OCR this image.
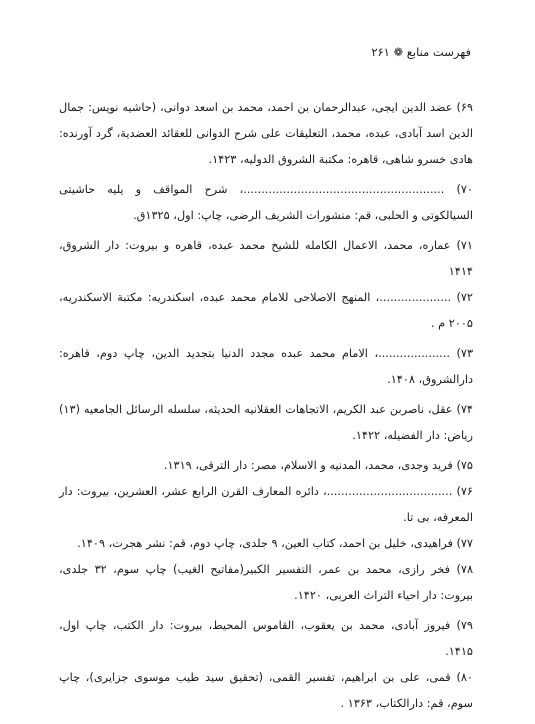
فهرست منابع ❁ ۲۶۱

۶۹) عضد الدین ایجی، عبدالرحمان بن احمد، محمد بن اسعد دوانی، (حاشیه نویس: جمال الدین اسد آبادی، عبده، محمد، التعلیقات علی شرح الدوانی للعقائد العضدیة، گرد آورنده: هادی خسرو شاهی، قاهره: مکتبة الشروق الدولیه، ۱۴۲۳.

۷۰) ........................................................، شرح المواقف و یلیه حاشیتی السیالکوتی و الحلبی، قم: منشورات الشریف الرضی، چاپ: اول، ۱۳۲۵ق.

۷۱) عماره، محمد، الاعمال الکامله للشیخ محمد عبده، قاهره و بیروت: دار الشروق، ۱۴۱۴

۷۲) ....................، المنهج الاصلاحی للامام محمد عبده، اسکندریه: مکتبة الاسکندریه، ۲۰۰۵ م .

۷۳) ....................، الامام محمد عبده مجدد الدنیا بتجدید الدین، چاپ دوم، قاهره: دارالشروق، ۱۴۰۸.

۷۴) عقل، ناصربن عبد الکریم، الاتجاهات العقلانیه الحدیثه، سلسله الرسائل الجامعیه (۱۳) ریاض: دار الفضیله، ۱۴۲۲.

۷۵) فرید وجدی، محمد، المدنیه و الاسلام، مصر: دار الترقی، ۱۳۱۹.

۷۶) ...................................، دائره المعارف القرن الرابع عشر، العشرین، بیروت: دار المعرفه، بی تا.

۷۷) فراهیدی، خلیل بن احمد، کتاب العین، ۹ جلدی، چاپ دوم، قم: نشر هجرت، ۱۴۰۹.

۷۸) فخر رازی، محمد بن عمر، التفسیر الکبیر(مفاتیح الغیب) چاپ سوم، ۳۲ جلدی، بیروت: دار احیاء التراث العربی، ۱۴۲۰.

۷۹) فیروز آبادی، محمد بن یعقوب، القاموس المحیط، بیروت: دار الکتب، چاپ اول، ۱۴۱۵.

۸۰) قمی، علی بن ابراهیم، تفسیر القمی، (تحقیق سید طیب موسوی جزایری)، چاپ سوم، قم: دارالکتاب، ۱۳۶۳ .
